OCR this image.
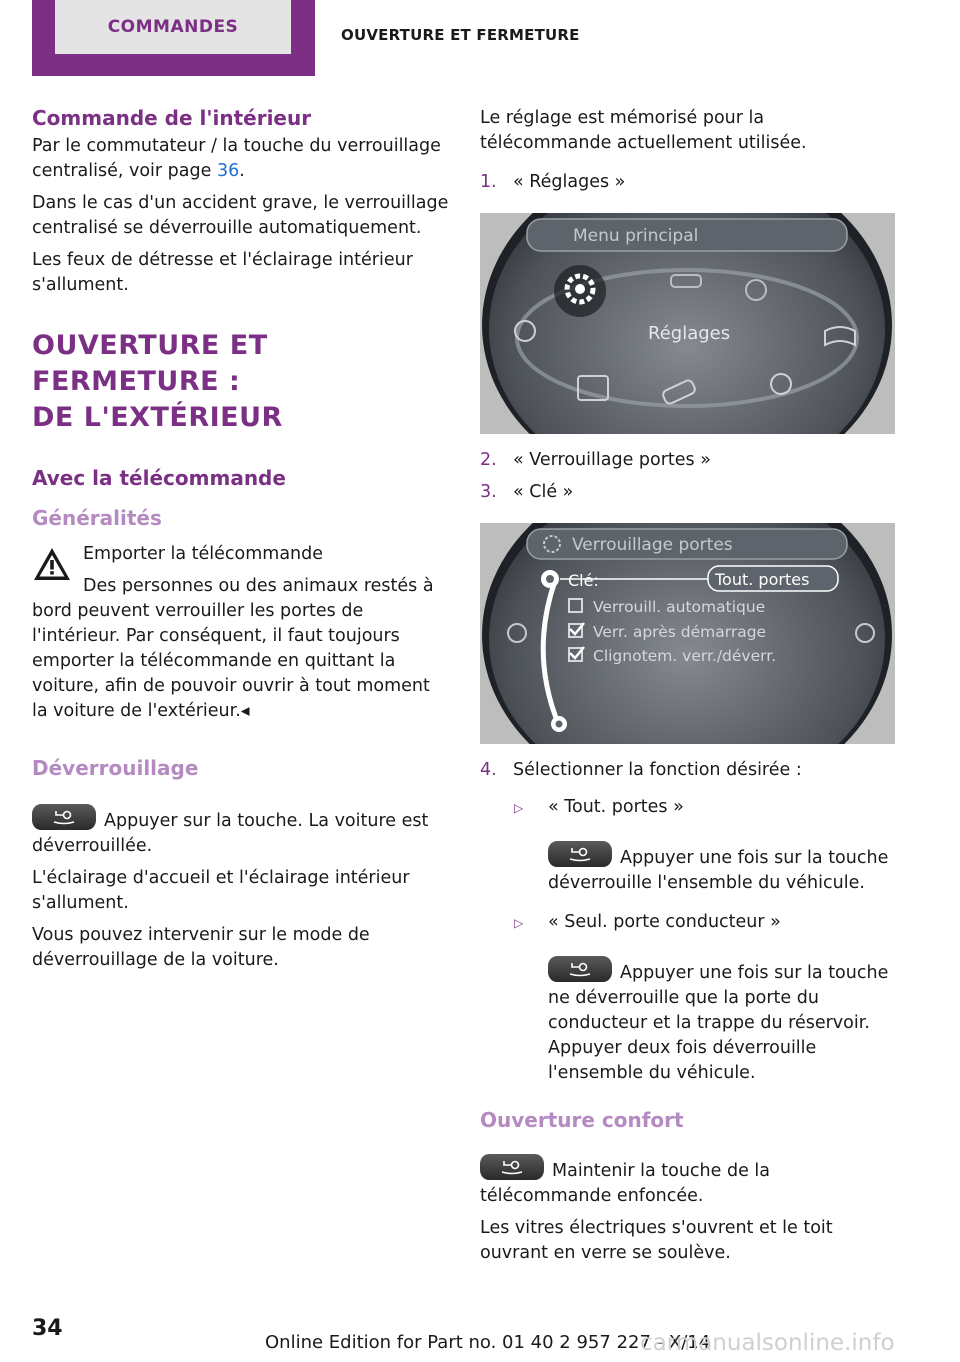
COMMANDES	OUVERTURE ET FERMETURE
Commande de l'intérieur

Par le commutateur / la touche du verrouillage centralisé, voir page 36.

Dans le cas d'un accident grave, le verrouillage centralisé se déverrouille automatiquement.

Les feux de détresse et l'éclairage intérieur s'allument.

OUVERTURE ET FERMETURE :
DE L'EXTÉRIEUR
Avec la télécommande
Généralités
Emporter la télécommande
Des personnes ou des animaux restés à
bord peuvent verrouiller les portes de l'intérieur. Par conséquent, il faut toujours emporter la télécommande en quittant la voiture, afin de pouvoir ouvrir à tout moment la voiture de l'extérieur.◂
Déverrouillage

Appuyer sur la touche. La voiture est déverrouillée.

L'éclairage d'accueil et l'éclairage intérieur s'allument.

Vous pouvez intervenir sur le mode de déverrouillage de la voiture.

Le réglage est mémorisé pour la télécommande actuellement utilisée.

1. « Réglages »
Menu principal
Réglages
2. « Verrouillage portes »
3. « Clé »
Verrouillage portes
Clé:	Tout. portes
Verrouill. automatique
Verr. après démarrage
Clignotem. verr./déverr.
4. Sélectionner la fonction désirée :
▷	« Tout. portes »
Appuyer une fois sur la touche déverrouille l'ensemble du véhicule.
▷	« Seul. porte conducteur »
Appuyer une fois sur la touche ne déverrouille que la porte du conducteur et la trappe du réservoir. Appuyer deux fois déverrouille l'ensemble du véhicule.
Ouverture confort

Maintenir la touche de la télécommande enfoncée.

Les vitres électriques s'ouvrent et le toit ouvrant en verre se soulève.

34
Online Edition for Part no. 01 40 2 957 227 - X/14
carmanualsonline.info
